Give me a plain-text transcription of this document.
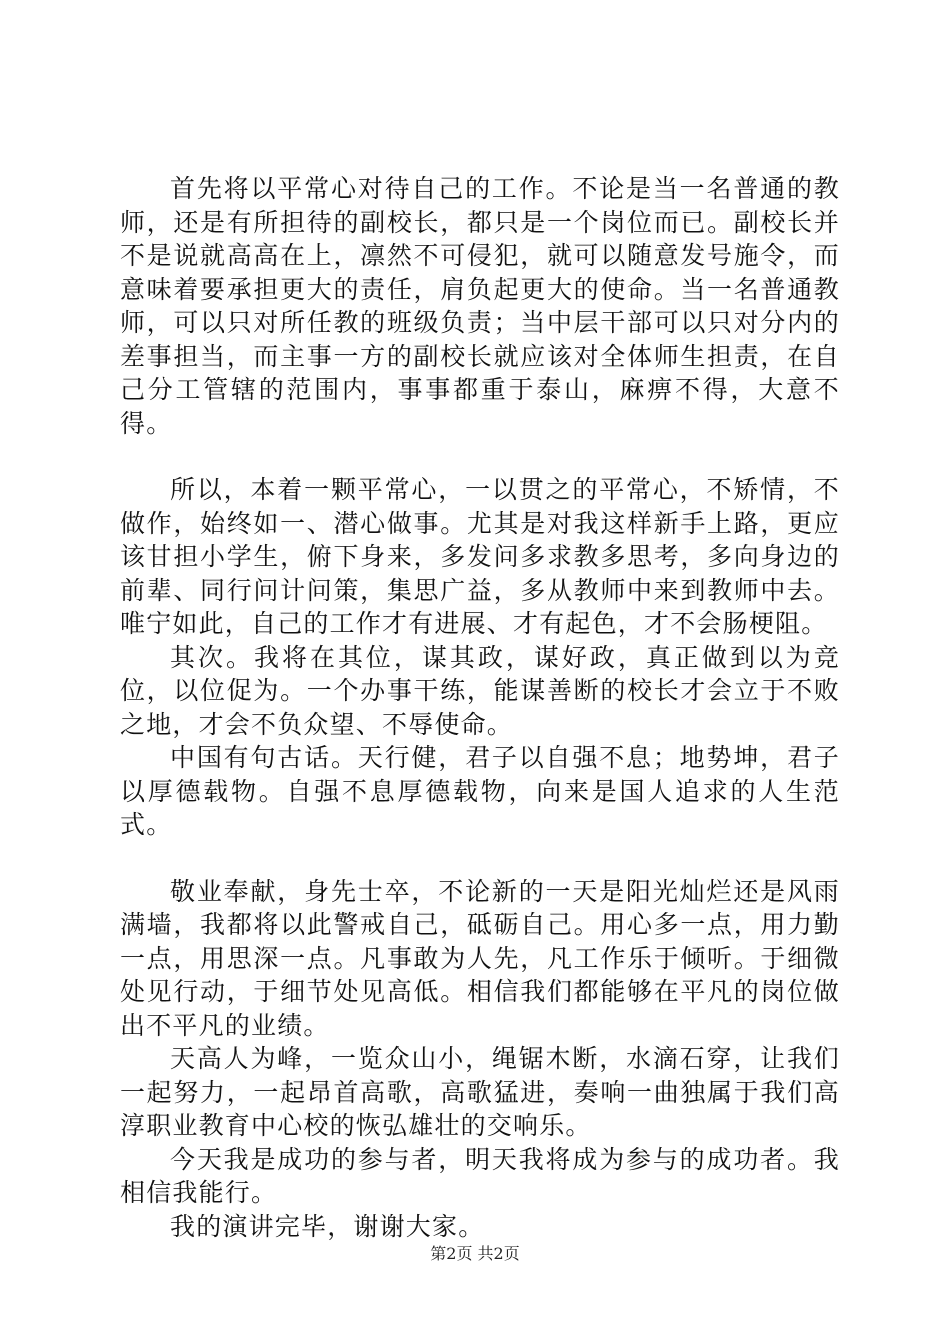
首先将以平常心对待自己的工作。不论是当一名普通的教师，还是有所担待的副校长，都只是一个岗位而已。副校长并不是说就高高在上，凛然不可侵犯，就可以随意发号施令，而意味着要承担更大的责任，肩负起更大的使命。当一名普通教师，可以只对所任教的班级负责；当中层干部可以只对分内的差事担当，而主事一方的副校长就应该对全体师生担责，在自己分工管辖的范围内，事事都重于泰山，麻痹不得，大意不得。

所以，本着一颗平常心，一以贯之的平常心，不矫情，不做作，始终如一、潜心做事。尤其是对我这样新手上路，更应该甘担小学生，俯下身来，多发问多求教多思考，多向身边的前辈、同行问计问策，集思广益，多从教师中来到教师中去。唯宁如此，自己的工作才有进展、才有起色，才不会肠梗阻。

其次。我将在其位，谋其政，谋好政，真正做到以为竞位，以位促为。一个办事干练，能谋善断的校长才会立于不败之地，才会不负众望、不辱使命。

中国有句古话。天行健，君子以自强不息；地势坤，君子以厚德载物。自强不息厚德载物，向来是国人追求的人生范式。

敬业奉献，身先士卒，不论新的一天是阳光灿烂还是风雨满墙，我都将以此警戒自己，砥砺自己。用心多一点，用力勤一点，用思深一点。凡事敢为人先，凡工作乐于倾听。于细微处见行动，于细节处见高低。相信我们都能够在平凡的岗位做出不平凡的业绩。

天高人为峰，一览众山小，绳锯木断，水滴石穿，让我们一起努力，一起昂首高歌，高歌猛进，奏响一曲独属于我们高淳职业教育中心校的恢弘雄壮的交响乐。

今天我是成功的参与者，明天我将成为参与的成功者。我相信我能行。

我的演讲完毕，谢谢大家。

第2页 共2页
